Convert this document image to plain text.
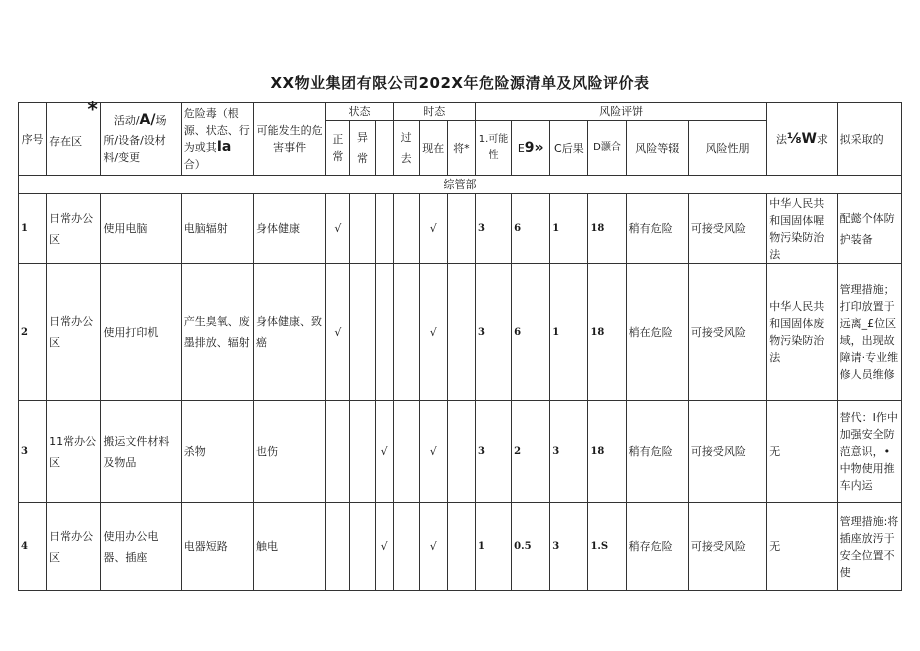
XX物业集团有限公司202X年危险源清单及风险评价表
序号	存在区	* 活动/A/场所/设备/设材料/变更	危险毒（根源、状态、行为或其Ia合）	可能发生的危害事件	状态			时态			风险评饼						法⅛W求	拟采取的
					正常	异常		过去	现在	将*	1.可能性	E9»	C后果	D灏合	风险等辍	风险性朋		
综管部																		
1	日常办公区	使用电脑	电脑辐射	身体健康	√				√		3	6	1	18	稍有危险	可接受风险	中华人民共和国固体喔物污染防治法	配懿个体防护装备
2	日常办公区	使用打印机	产生臭氧、废墨排放、辐射	身体健康、致癌	√				√		3	6	1	18	梢在危险	可接受风险	中华人民共和国固体废物污染防治法	管理措施；打印放置于远离_£位区域，出现故障请·专业维修人员维修
3	11常办公区	搬运文件材料及物品	杀物	也伤			√		√		3	2	3	18	稍有危险	可接受风险	无	替代：I作中加强安全防范意识，•中物使用推车内运
4	日常办公区	使用办公电器、插座	电器短路	触电			√		√		1	0.5	3	1.S	稍存危险	可接受风险	无	管理措施:将插座放汚于安全位置不使
